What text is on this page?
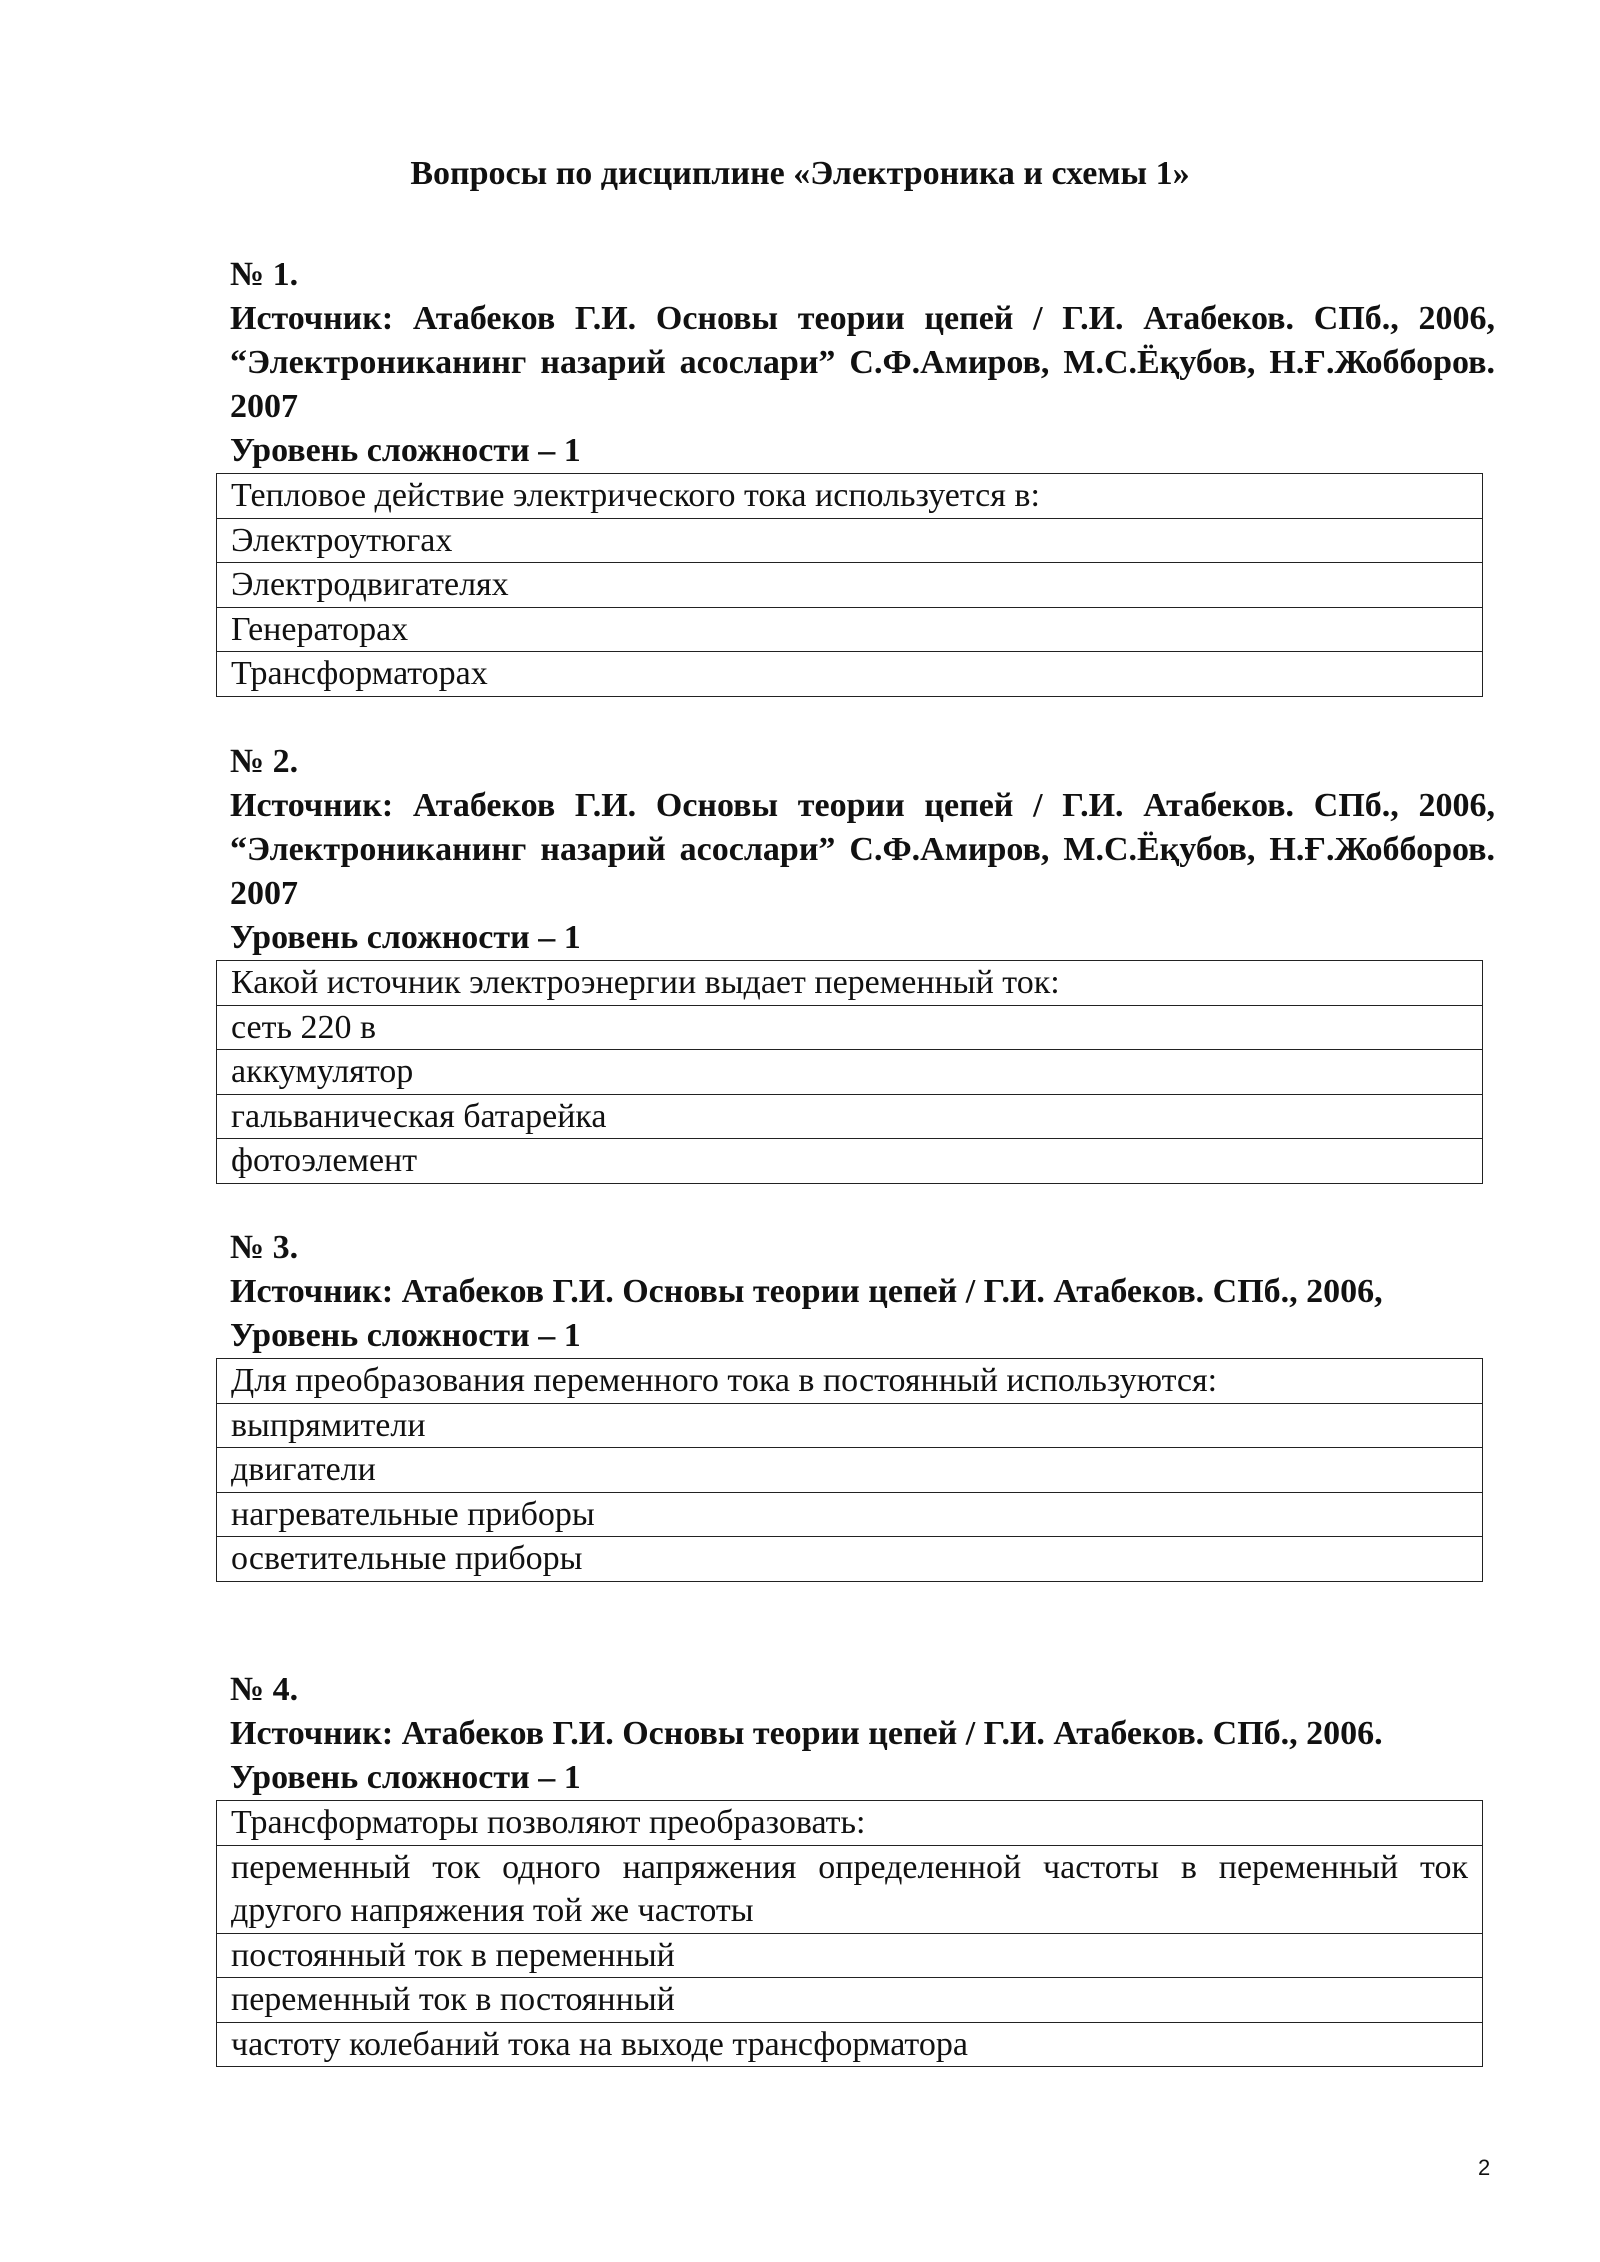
Вопросы по дисциплине «Электроника и схемы 1»
№ 1.
Источник: Атабеков Г.И. Основы теории цепей / Г.И. Атабеков. СПб., 2006, “Электроникaнинг назарий асослари” С.Ф.Амиров, М.С.Ёқубов, Н.Ғ.Жобборов. 2007
Уровень сложности – 1
Тепловое действие электрического тока используется в:
Электроутюгах
Электродвигателях
Генераторах
Трансформаторах
№ 2.
Источник: Атабеков Г.И. Основы теории цепей / Г.И. Атабеков. СПб., 2006, “Электроникaнинг назарий асослари” С.Ф.Амиров, М.С.Ёқубов, Н.Ғ.Жобборов. 2007
Уровень сложности – 1
Какой источник электроэнергии выдает переменный ток:
сеть 220 в
аккумулятор
гальваническая батарейка
фотоэлемент
№ 3.
Источник: Атабеков Г.И. Основы теории цепей / Г.И. Атабеков. СПб., 2006,
Уровень сложности – 1
Для преобразования переменного тока в постоянный используются:
выпрямители
двигатели
нагревательные приборы
осветительные приборы
№ 4.
Источник: Атабеков Г.И. Основы теории цепей / Г.И. Атабеков. СПб., 2006.
Уровень сложности – 1
Трансформаторы позволяют преобразовать:
переменный ток одного напряжения определенной частоты в переменный ток другого напряжения той же частоты
постоянный ток в переменный
переменный ток в постоянный
частоту колебаний тока на выходе трансформатора
2
